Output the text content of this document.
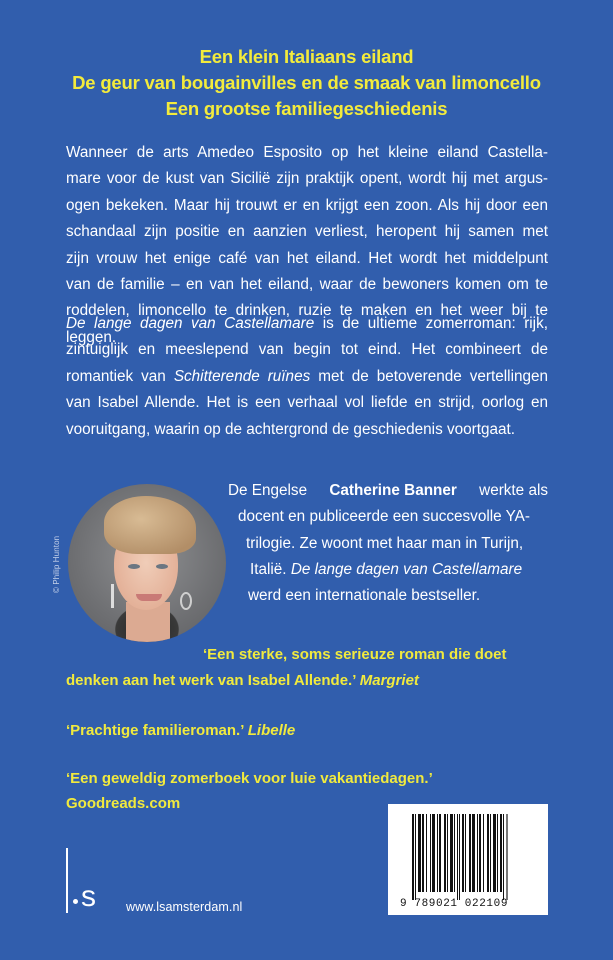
Een klein Italiaans eiland
De geur van bougainvilles en de smaak van limoncello
Een grootse familiegeschiedenis
Wanneer de arts Amedeo Esposito op het kleine eiland Castella-
mare voor de kust van Sicilië zijn praktijk opent, wordt hij met argus-
ogen bekeken. Maar hij trouwt er en krijgt een zoon. Als hij door een
schandaal zijn positie en aanzien verliest, heropent hij samen met
zijn vrouw het enige café van het eiland. Het wordt het middelpunt
van de familie – en van het eiland, waar de bewoners komen om te
roddelen, limoncello te drinken, ruzie te maken en het weer bij te
leggen.
De lange dagen van Castellamare is de ultieme zomerroman: rijk,
zintuiglijk en meeslepend van begin tot eind. Het combineert de
romantiek van Schitterende ruïnes met de betoverende vertellingen
van Isabel Allende. Het is een verhaal vol liefde en strijd, oorlog en
vooruitgang, waarin op de achtergrond de geschiedenis voortgaat.
© Philip Hunton
De Engelse Catherine Banner werkte als
docent en publiceerde een succesvolle YA-
trilogie. Ze woont met haar man in Turijn,
Italië. De lange dagen van Castellamare
werd een internationale bestseller.
‘Een sterke, soms serieuze roman die doet
denken aan het werk van Isabel Allende.’ Margriet
‘Prachtige familieroman.’ Libelle
‘Een geweldig zomerboek voor luie vakantiedagen.’
Goodreads.com
s www.lsamsterdam.nl	9 789021 022109
